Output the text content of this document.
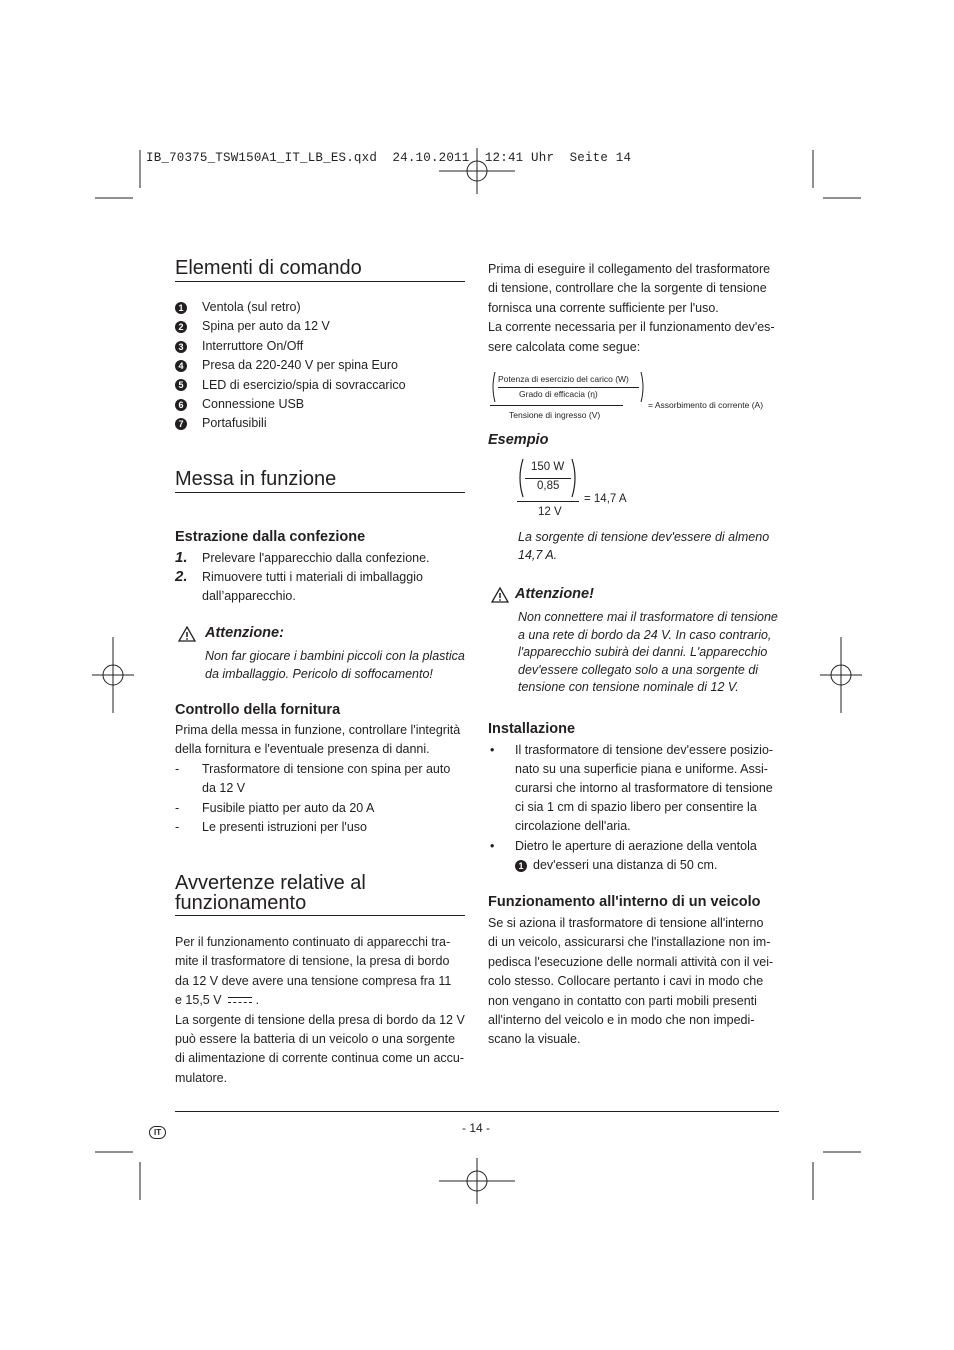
IB_70375_TSW150A1_IT_LB_ES.qxd  24.10.2011  12:41 Uhr  Seite 14
Elementi di comando
1 Ventola (sul retro)
2 Spina per auto da 12 V
3 Interruttore On/Off
4 Presa da 220-240 V per spina Euro
5 LED di esercizio/spia di sovraccarico
6 Connessione USB
7 Portafusibili
Messa in funzione
Estrazione dalla confezione
1. Prelevare l'apparecchio dalla confezione.
2. Rimuovere tutti i materiali di imballaggio
dall’apparecchio.
Attenzione:
Non far giocare i bambini piccoli con la plastica
da imballaggio. Pericolo di soffocamento!
Controllo della fornitura
Prima della messa in funzione, controllare l'integrità
della fornitura e l'eventuale presenza di danni.
- Trasformatore di tensione con spina per auto
da 12 V
- Fusibile piatto per auto da 20 A
- Le presenti istruzioni per l'uso
Avvertenze relative al
funzionamento
Per il funzionamento continuato di apparecchi tra-
mite il trasformatore di tensione, la presa di bordo
da 12 V deve avere una tensione compresa fra 11
e 15,5 V	.
La sorgente di tensione della presa di bordo da 12 V
può essere la batteria di un veicolo o una sorgente
di alimentazione di corrente continua come un accu-
mulatore.
Prima di eseguire il collegamento del trasformatore
di tensione, controllare che la sorgente di tensione
fornisca una corrente sufficiente per l'uso.
La corrente necessaria per il funzionamento dev'es-
sere calcolata come segue:
Potenza di esercizio del carico (W)
Grado di efficacia (η)
Tensione di ingresso (V)
= Assorbimento di corrente (A)
Esempio
150 W
0,85
12 V
= 14,7 A
La sorgente di tensione dev'essere di almeno
14,7 A.
Attenzione!
Non connettere mai il trasformatore di tensione
a una rete di bordo da 24 V. In caso contrario,
l'apparecchio subirà dei danni. L'apparecchio
dev'essere collegato solo a una sorgente di
tensione con tensione nominale di 12 V.
Installazione
• Il trasformatore di tensione dev'essere posizio-
nato su una superficie piana e uniforme. Assi-
curarsi che intorno al trasformatore di tensione
ci sia 1 cm di spazio libero per consentire la
circolazione dell'aria.
• Dietro le aperture di aerazione della ventola
1 dev'esseri una distanza di 50 cm.
Funzionamento all'interno di un veicolo
Se si aziona il trasformatore di tensione all'interno
di un veicolo, assicurarsi che l'installazione non im-
pedisca l'esecuzione delle normali attività con il vei-
colo stesso. Collocare pertanto i cavi in modo che
non vengano in contatto con parti mobili presenti
all'interno del veicolo e in modo che non impedi-
scano la visuale.
IT	- 14 -
